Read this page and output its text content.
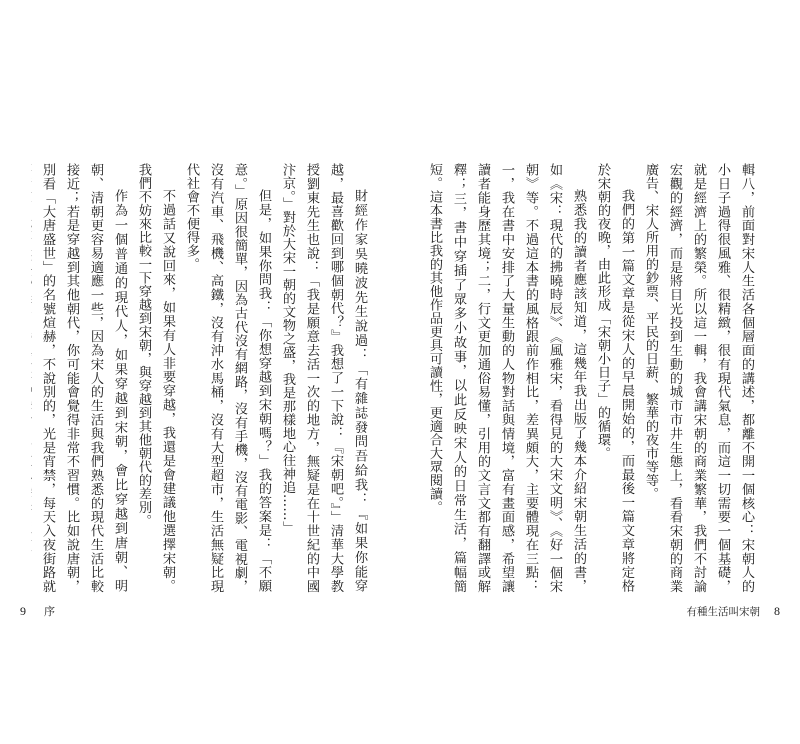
財經作家吳曉波先生說過：「有雜誌發問吾給我：『如果你能穿越，最喜歡回到哪個朝代？』我想了一下說：『宋朝吧。』」清華大學教授劉東先生也說：「我是願意去活一次的地方，無疑是在十世紀的中國汴京。」對於大宋一朝的文物之盛，我是那樣地心往神追……」

但是，如果你問我：「你想穿越到宋朝嗎？」我的答案是：「不願意。」原因很簡單，因為古代沒有網路，沒有手機，沒有電影、電視劇，沒有汽車、飛機、高鐵，沒有沖水馬桶，沒有大型超市，生活無疑比現代社會不便得多。

不過話又說回來，如果有人非要穿越，我還是會建議他選擇宋朝。我們不妨來比較一下穿越到宋朝，與穿越到其他朝代的差別。

作為一個普通的現代人，如果穿越到宋朝，會比穿越到唐朝、明朝、清朝更容易適應一些，因為宋人的生活與我們熟悉的現代生活比較接近；若是穿越到其他朝代，你可能會覺得非常不習慣。比如說唐朝，別看「大唐盛世」的名號煊赫，不說別的，光是宵禁，每天入夜街路就

9 序

輯八，前面對宋人生活各個層面的講述，都離不開一個核心：宋朝人的小日子過得很風雅、很精緻，很有現代氣息，而這一切需要一個基礎，就是經濟上的繁榮。所以這一輯，我會講宋朝的商業繁華，我們不討論宏觀的經濟，而是將目光投到生動的城市市井生態上，看看宋朝的商業廣告、宋人所用的鈔票、平民的日薪、繁華的夜市等等。

我們的第一篇文章是從宋人的早晨開始的，而最後一篇文章將定格於宋朝的夜晚，由此形成「宋朝小日子」的循環。

熟悉我的讀者應該知道，這幾年我出版了幾本介紹宋朝生活的書，如《宋：現代的拂曉時辰》、《風雅宋，看得見的大宋文明》、《好一個宋朝》等。不過這本書的風格跟前作相比，差異頗大，主要體現在三點：一，我在書中安排了大量生動的人物對話與情境，富有畫面感，希望讓讀者能身歷其境；二，行文更加通俗易懂，引用的文言文都有翻譯或解釋；三，書中穿插了眾多小故事，以此反映宋人的日常生活，篇幅簡短。這本書比我的其他作品更具可讀性，更適合大眾閱讀。

有種生活叫宋朝 8
